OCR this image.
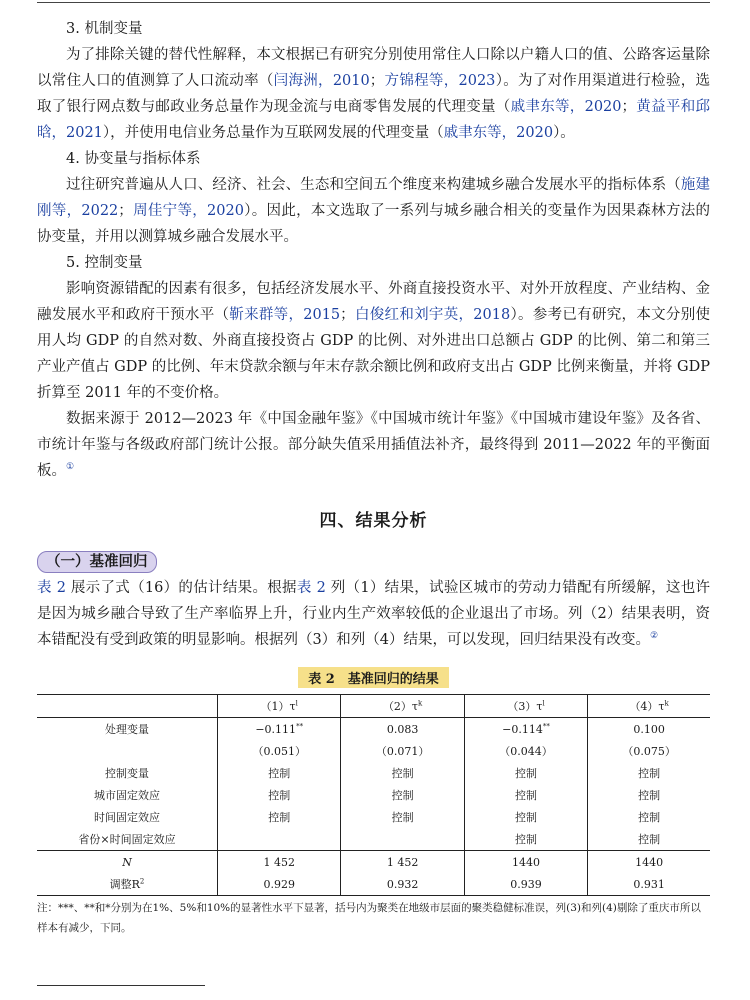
3. 机制变量

为了排除关键的替代性解释，本文根据已有研究分别使用常住人口除以户籍人口的值、公路客运量除以常住人口的值测算了人口流动率（闫海洲，2010；方锦程等，2023）。为了对作用渠道进行检验，选取了银行网点数与邮政业务总量作为现金流与电商零售发展的代理变量（戚聿东等，2020；黄益平和邱晗，2021），并使用电信业务总量作为互联网发展的代理变量（戚聿东等，2020）。

4. 协变量与指标体系

过往研究普遍从人口、经济、社会、生态和空间五个维度来构建城乡融合发展水平的指标体系（施建刚等，2022；周佳宁等，2020）。因此，本文选取了一系列与城乡融合相关的变量作为因果森林方法的协变量，并用以测算城乡融合发展水平。

5. 控制变量

影响资源错配的因素有很多，包括经济发展水平、外商直接投资水平、对外开放程度、产业结构、金融发展水平和政府干预水平（靳来群等，2015；白俊红和刘宇英，2018）。参考已有研究，本文分别使用人均 GDP 的自然对数、外商直接投资占 GDP 的比例、对外进出口总额占 GDP 的比例、第二和第三产业产值占 GDP 的比例、年末贷款余额与年末存款余额比例和政府支出占 GDP 比例来衡量，并将 GDP 折算至 2011 年的不变价格。

数据来源于 2012—2023 年《中国金融年鉴》《中国城市统计年鉴》《中国城市建设年鉴》及各省、市统计年鉴与各级政府部门统计公报。部分缺失值采用插值法补齐，最终得到 2011—2022 年的平衡面板。①

四、结果分析

（一）基准回归

表 2 展示了式（16）的估计结果。根据表 2 列（1）结果，试验区城市的劳动力错配有所缓解，这也许是因为城乡融合导致了生产率临界上升，行业内生产效率较低的企业退出了市场。列（2）结果表明，资本错配没有受到政策的明显影响。根据列（3）和列（4）结果，可以发现，回归结果没有改变。②

表 2　基准回归的结果
	$(1)\tau^l$	$(2)\tau^k$	$(3)\tau^l$	$(4)\tau^k$
处理变量	−0.111**	0.083	−0.114**	0.100
	（0.051）	（0.071）	（0.044）	（0.075）
控制变量	控制	控制	控制	控制
城市固定效应	控制	控制	控制	控制
时间固定效应	控制	控制	控制	控制
省份×时间固定效应			控制	控制
N	1 452	1 452	1440	1440
调整$R^2$	0.929	0.932	0.939	0.931
注：***、**和*分别为在1%、5%和10%的显著性水平下显著，括号内为聚类在地级市层面的聚类稳健标准误，列(3)和列(4)剔除了重庆市所以样本有减少，下同。
